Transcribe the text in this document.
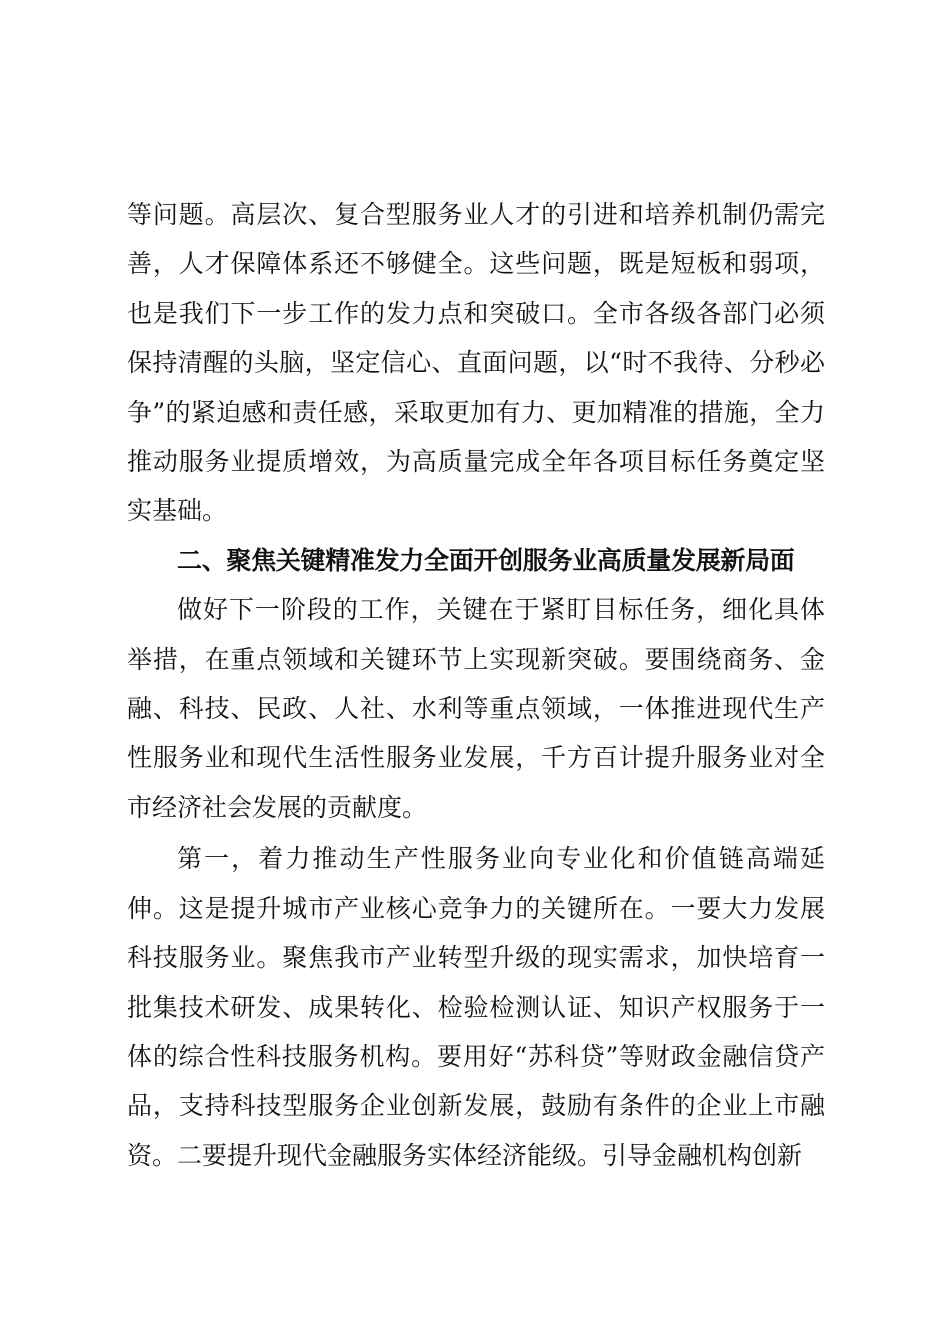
等问题。高层次、复合型服务业人才的引进和培养机制仍需完善，人才保障体系还不够健全。这些问题，既是短板和弱项，也是我们下一步工作的发力点和突破口。全市各级各部门必须保持清醒的头脑，坚定信心、直面问题，以“时不我待、分秒必争”的紧迫感和责任感，采取更加有力、更加精准的措施，全力推动服务业提质增效，为高质量完成全年各项目标任务奠定坚实基础。

二、聚焦关键精准发力全面开创服务业高质量发展新局面

做好下一阶段的工作，关键在于紧盯目标任务，细化具体举措，在重点领域和关键环节上实现新突破。要围绕商务、金融、科技、民政、人社、水利等重点领域，一体推进现代生产性服务业和现代生活性服务业发展，千方百计提升服务业对全市经济社会发展的贡献度。

第一，着力推动生产性服务业向专业化和价值链高端延伸。这是提升城市产业核心竞争力的关键所在。一要大力发展科技服务业。聚焦我市产业转型升级的现实需求，加快培育一批集技术研发、成果转化、检验检测认证、知识产权服务于一体的综合性科技服务机构。要用好“苏科贷”等财政金融信贷产品，支持科技型服务企业创新发展，鼓励有条件的企业上市融资。二要提升现代金融服务实体经济能级。引导金融机构创新
